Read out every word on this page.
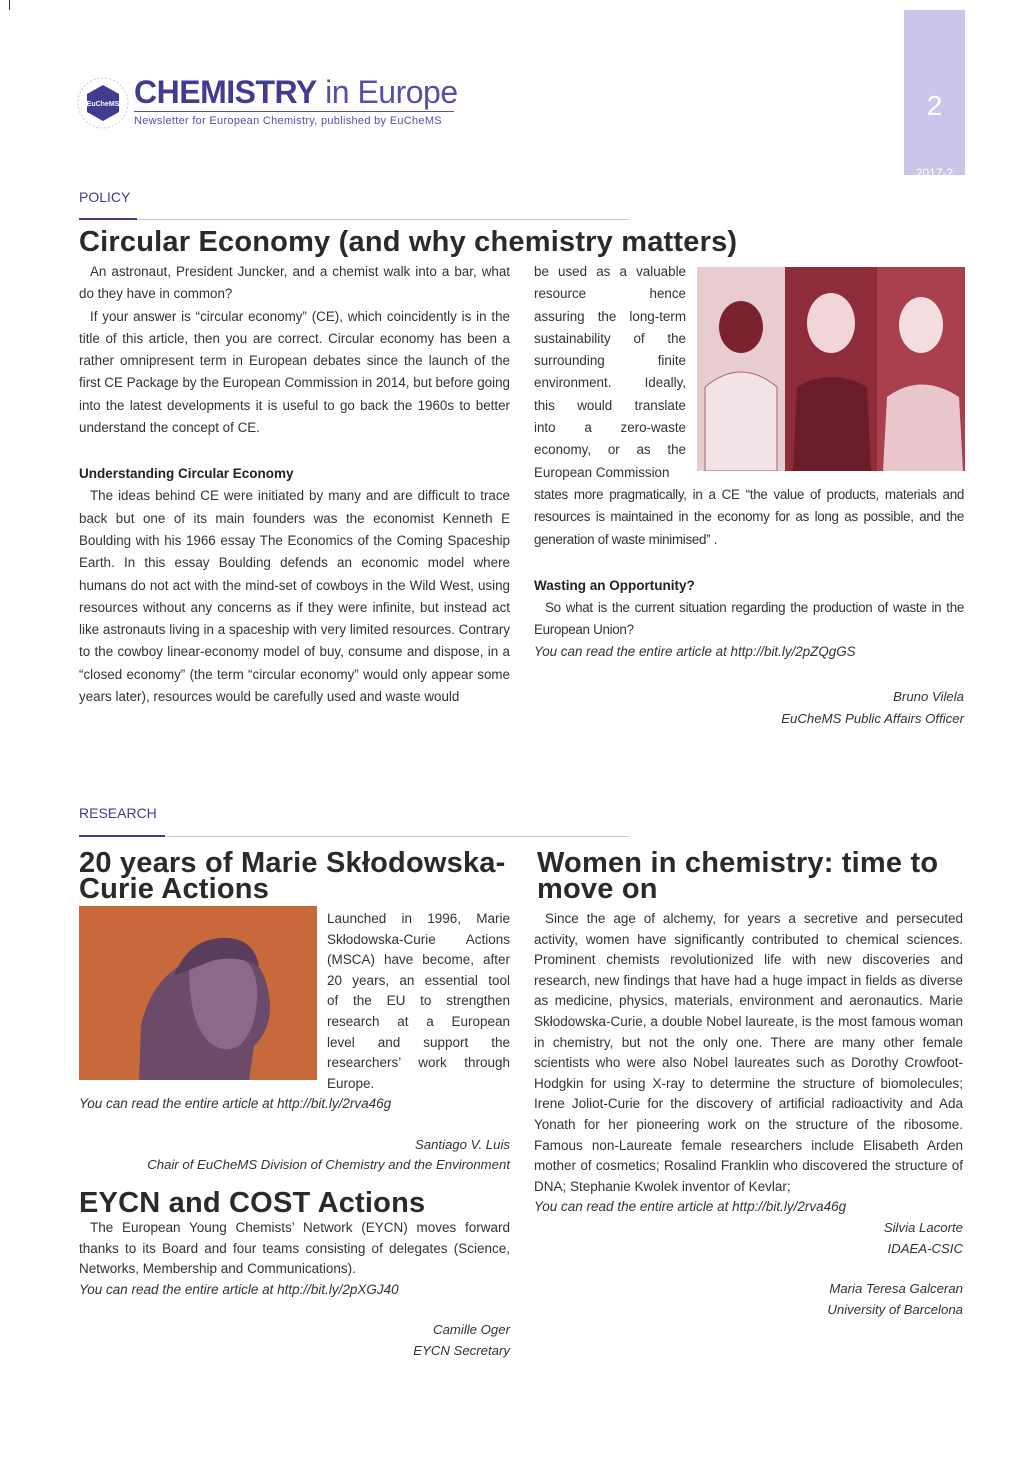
EuCheMS CHEMISTRY in Europe
Newsletter for European Chemistry, published by EuCheMS	2
2017-2
POLICY
Circular Economy (and why chemistry matters)

An astronaut, President Juncker, and a chemist walk into a bar, what do they have in common?

If your answer is “circular economy” (CE), which coincidently is in the title of this article, then you are correct. Circular economy has been a rather omnipresent term in European debates since the launch of the first CE Package by the European Commission in 2014, but before going into the latest developments it is useful to go back the 1960s to better understand the concept of CE.

Understanding Circular Economy

The ideas behind CE were initiated by many and are difficult to trace back but one of its main founders was the economist Kenneth E Boulding with his 1966 essay The Economics of the Coming Spaceship Earth. In this essay Boulding defends an economic model where humans do not act with the mind-set of cowboys in the Wild West, using resources without any concerns as if they were infinite, but instead act like astronauts living in a spaceship with very limited resources. Contrary to the cowboy linear-economy model of buy, consume and dispose, in a “closed economy” (the term “circular economy” would only appear some years later), resources would be carefully used and waste would

be used as a valuable
resource hence
assuring the long-term
sustainability of the
surrounding finite
environment. Ideally,
this would translate
into a zero-waste
economy, or as the
European Commission

states more pragmatically, in a CE “the value of products, materials and resources is maintained in the economy for as long as possible, and the generation of waste minimised” .

Wasting an Opportunity?

So what is the current situation regarding the production of waste in the European Union?

You can read the entire article at http://bit.ly/2pZQgGS

Bruno Vilela
EuCheMS Public Affairs Officer
RESEARCH
20 years of Marie Skłodowska-
Curie Actions
Launched in 1996, Marie
Skłodowska-Curie Actions
(MSCA) have become, after
20 years, an essential tool
of the EU to strengthen
research at a European
level and support the
researchers’ work through
Europe.

You can read the entire article at http://bit.ly/2rva46g

Santiago V. Luis
Chair of EuCheMS Division of Chemistry and the Environment
EYCN and COST Actions

The European Young Chemists’ Network (EYCN) moves forward thanks to its Board and four teams consisting of delegates (Science, Networks, Membership and Communications).

You can read the entire article at http://bit.ly/2pXGJ40

Camille Oger
EYCN Secretary
Women in chemistry: time to
move on

Since the age of alchemy, for years a secretive and persecuted activity, women have significantly contributed to chemical sciences. Prominent chemists revolutionized life with new discoveries and research, new findings that have had a huge impact in fields as diverse as medicine, physics, materials, environment and aeronautics. Marie Skłodowska-Curie, a double Nobel laureate, is the most famous woman in chemistry, but not the only one. There are many other female scientists who were also Nobel laureates such as Dorothy Crowfoot-Hodgkin for using X-ray to determine the structure of biomolecules; Irene Joliot-Curie for the discovery of artificial radioactivity and Ada Yonath for her pioneering work on the structure of the ribosome. Famous non-Laureate female researchers include Elisabeth Arden mother of cosmetics; Rosalind Franklin who discovered the structure of DNA; Stephanie Kwolek inventor of Kevlar;

You can read the entire article at http://bit.ly/2rva46g

Silvia Lacorte
IDAEA-CSIC
Maria Teresa Galceran
University of Barcelona
